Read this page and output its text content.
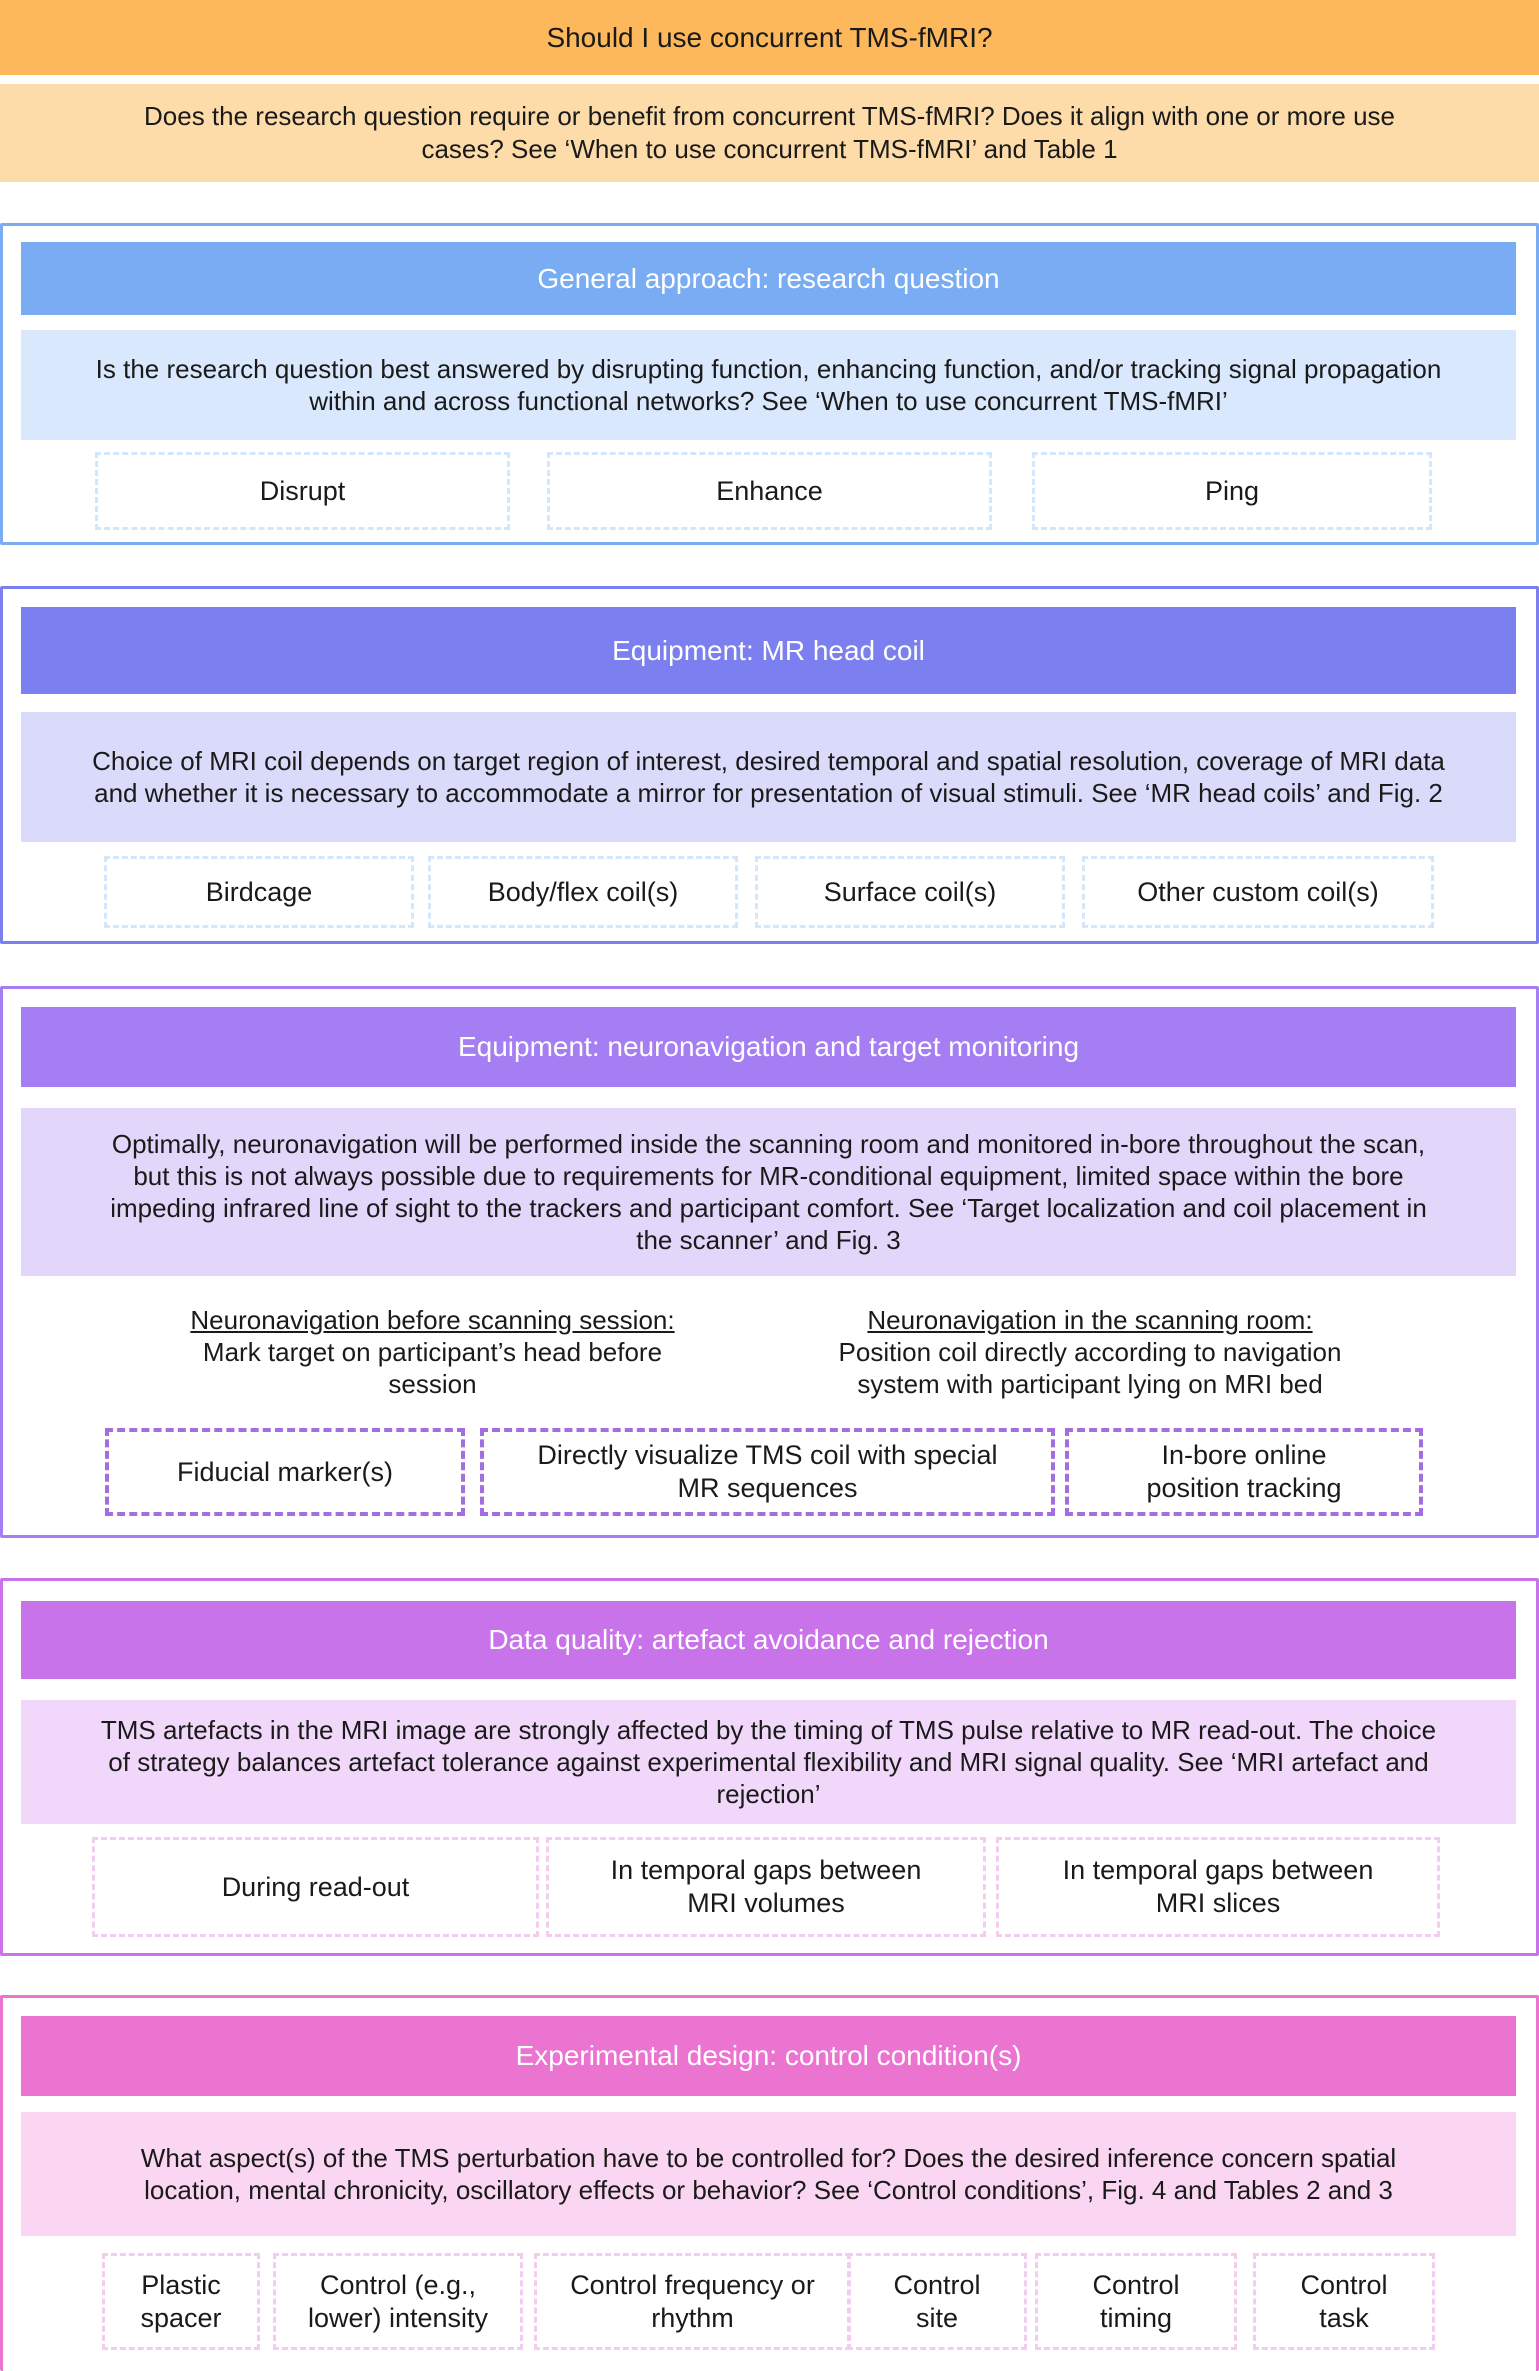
Should I use concurrent TMS-fMRI?
Does the research question require or benefit from concurrent TMS-fMRI? Does it align with one or more use cases? See ‘When to use concurrent TMS-fMRI’ and Table 1
General approach: research question
Is the research question best answered by disrupting function, enhancing function, and/or tracking signal propagation within and across functional networks? See ‘When to use concurrent TMS-fMRI’
Disrupt	Enhance	Ping
Equipment: MR head coil
Choice of MRI coil depends on target region of interest, desired temporal and spatial resolution, coverage of MRI data and whether it is necessary to accommodate a mirror for presentation of visual stimuli. See ‘MR head coils’ and Fig. 2
Birdcage	Body/flex coil(s)	Surface coil(s)	Other custom coil(s)
Equipment: neuronavigation and target monitoring
Optimally, neuronavigation will be performed inside the scanning room and monitored in-bore throughout the scan, but this is not always possible due to requirements for MR-conditional equipment, limited space within the bore impeding infrared line of sight to the trackers and participant comfort. See ‘Target localization and coil placement in the scanner’ and Fig. 3
Neuronavigation before scanning session:
Mark target on participant’s head before session
Neuronavigation in the scanning room:
Position coil directly according to navigation system with participant lying on MRI bed
Fiducial marker(s)
Directly visualize TMS coil with special MR sequences
In-bore online position tracking
Data quality: artefact avoidance and rejection
TMS artefacts in the MRI image are strongly affected by the timing of TMS pulse relative to MR read-out. The choice of strategy balances artefact tolerance against experimental flexibility and MRI signal quality. See ‘MRI artefact and rejection’
During read-out
In temporal gaps between MRI volumes
In temporal gaps between MRI slices
Experimental design: control condition(s)
What aspect(s) of the TMS perturbation have to be controlled for? Does the desired inference concern spatial location, mental chronicity, oscillatory effects or behavior? See ‘Control conditions’, Fig. 4 and Tables 2 and 3
Plastic spacer
Control (e.g., lower) intensity
Control frequency or rhythm
Control site
Control timing
Control task
